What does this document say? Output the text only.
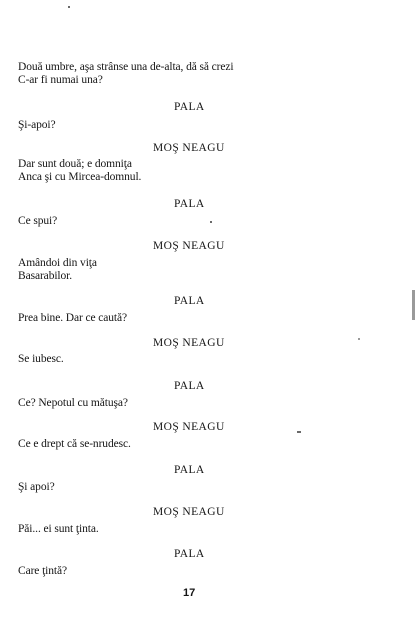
Două umbre, aşa strânse una de-alta, dă să crezi
C-ar fi numai una?
PALA
Şi-apoi?
MOŞ NEAGU
Dar sunt două; e domniţa
Anca şi cu Mircea-domnul.
PALA
Ce spui?
MOŞ NEAGU
Amândoi din viţa
Basarabilor.
PALA
Prea bine. Dar ce caută?
MOŞ NEAGU
Se iubesc.
PALA
Ce? Nepotul cu mătuşa?
MOŞ NEAGU
Ce e drept că se-nrudesc.
PALA
Şi apoi?
MOŞ NEAGU
Păi... ei sunt ţinta.
PALA
Care ţintă?
17
